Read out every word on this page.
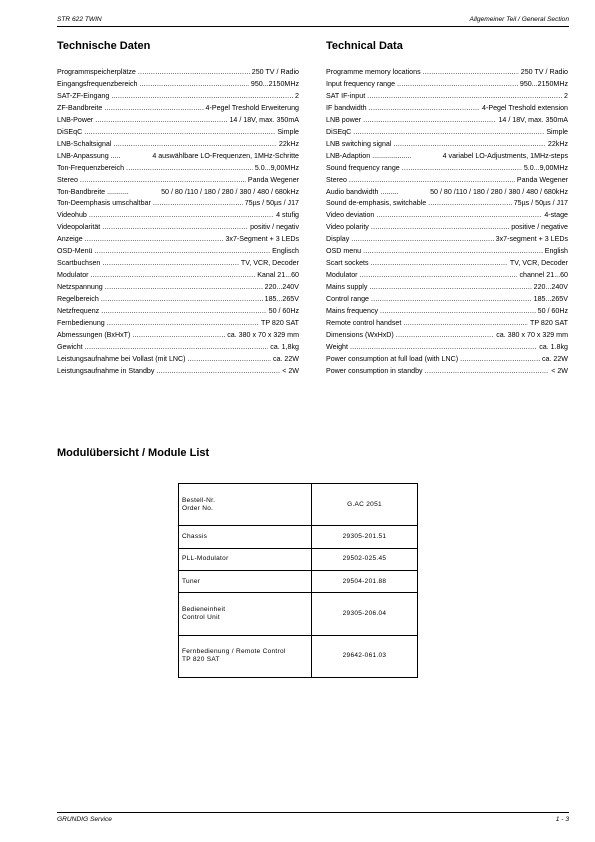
STR 622 TWIN	Allgemeiner Teil / General Section
Technische Daten
Programmspeicherplätze .....	250 TV / Radio
Eingangsfrequenzbereich .....	950...2150MHz
SAT-ZF-Eingang .....	2
ZF-Bandbreite .....	4-Pegel Treshold Erweiterung
LNB-Power .....	14 / 18V, max. 350mA
DiSEqC .....	Simple
LNB-Schaltsignal .....	22kHz
LNB-Anpassung .....	4 auswählbare LO-Frequenzen, 1MHz-Schritte
Ton-Frequenzbereich .....	5.0...9,00MHz
Stereo .....	Panda Wegener
Ton-Bandbreite ...........	50 / 80 /110 / 180 / 280 / 380 / 480 / 680kHz
Ton-Deemphasis umschaltbar .....	75µs / 50µs / J17
Videohub .....	4 stufig
Videopolarität .....	positiv / negativ
Anzeige .....	3x7-Segment + 3 LEDs
OSD-Menü .....	Englisch
Scartbuchsen .....	TV, VCR, Decoder
Modulator .....	Kanal 21...60
Netzspannung .....	220...240V
Regelbereich .....	185...265V
Netzfrequenz .....	50 / 60Hz
Fernbedienung .....	TP 820 SAT
Abmessungen (BxHxT) .....	ca. 380 x 70 x 329 mm
Gewicht .....	ca. 1,8kg
Leistungsaufnahme bei Vollast (mit LNC) .....	ca. 22W
Leistungsaufnahme in Standby .....	< 2W
Technical Data
Programme memory locations .....	250 TV / Radio
Input frequency range .....	950...2150MHz
SAT IF-input .....	2
IF bandwidth .....	4-Pegel Treshold extension
LNB power .....	14 / 18V, max. 350mA
DiSEqC .....	Simple
LNB switching signal .....	22kHz
LNB-Adaption ....................	4 variabel LO-Adjustments, 1MHz-steps
Sound frequency range .....	5.0...9,00MHz
Stereo .....	Panda Wegener
Audio bandwidth .........	50 / 80 /110 / 180 / 280 / 380 / 480 / 680kHz
Sound de-emphasis, switchable .....	75µs / 50µs / J17
Video deviation .....	4-stage
Video polarity .....	positive / negative
Display .....	3x7-segment + 3 LEDs
OSD menu .....	English
Scart sockets .....	TV, VCR, Decoder
Modulator .....	channel 21...60
Mains supply .....	220...240V
Control range .....	185...265V
Mains frequency .....	50 / 60Hz
Remote control handset .....	TP 820 SAT
Dimensions (WxHxD) .....	ca. 380 x 70 x 329 mm
Weight .....	ca. 1.8kg
Power consumption at full load (with LNC) .....	ca. 22W
Power consumption in standby .....	< 2W
Modulübersicht / Module List
Bestell-Nr.
Order No.	G.AC 2051

Chassis	29305-201.51

PLL-Modulator	29502-025.45

Tuner	29504-201.88

Bedieneinheit
Control Unit	29305-206.04

Fernbedienung / Remote Control
TP 820 SAT	29642-061.03
GRUNDIG Service	1 - 3
